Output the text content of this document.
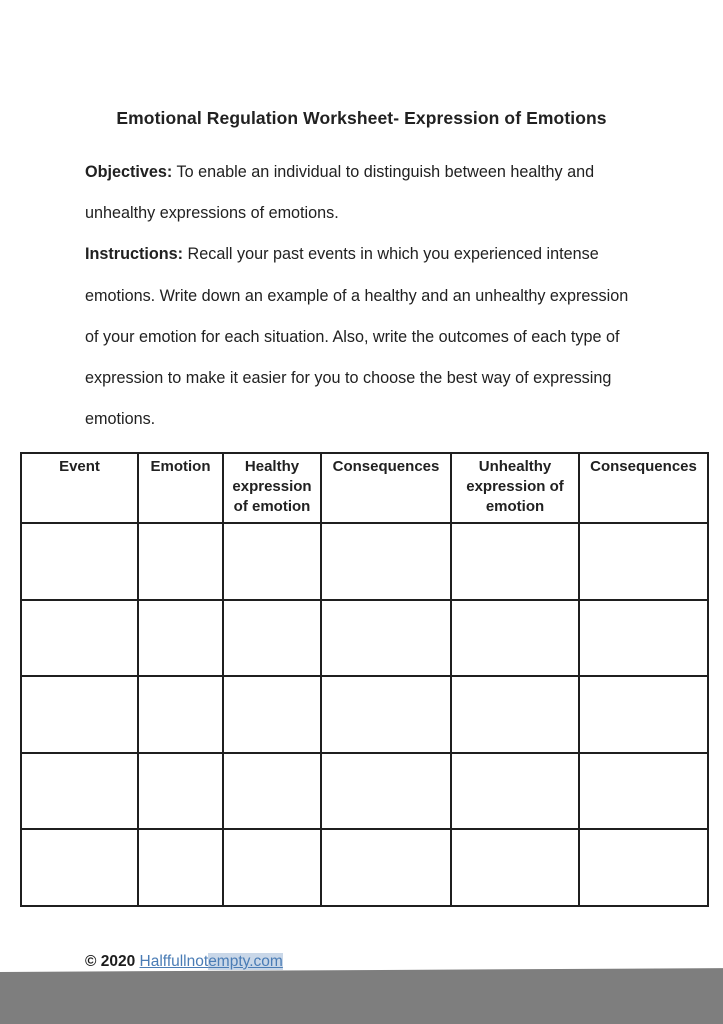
Emotional Regulation Worksheet- Expression of Emotions

Objectives: To enable an individual to distinguish between healthy and unhealthy expressions of emotions.

Instructions: Recall your past events in which you experienced intense emotions. Write down an example of a healthy and an unhealthy expression of your emotion for each situation. Also, write the outcomes of each type of expression to make it easier for you to choose the best way of expressing emotions.

Event	Emotion	Healthy expression of emotion	Consequences	Unhealthy expression of emotion	Consequences

© 2020 Halffullnotempty.com
